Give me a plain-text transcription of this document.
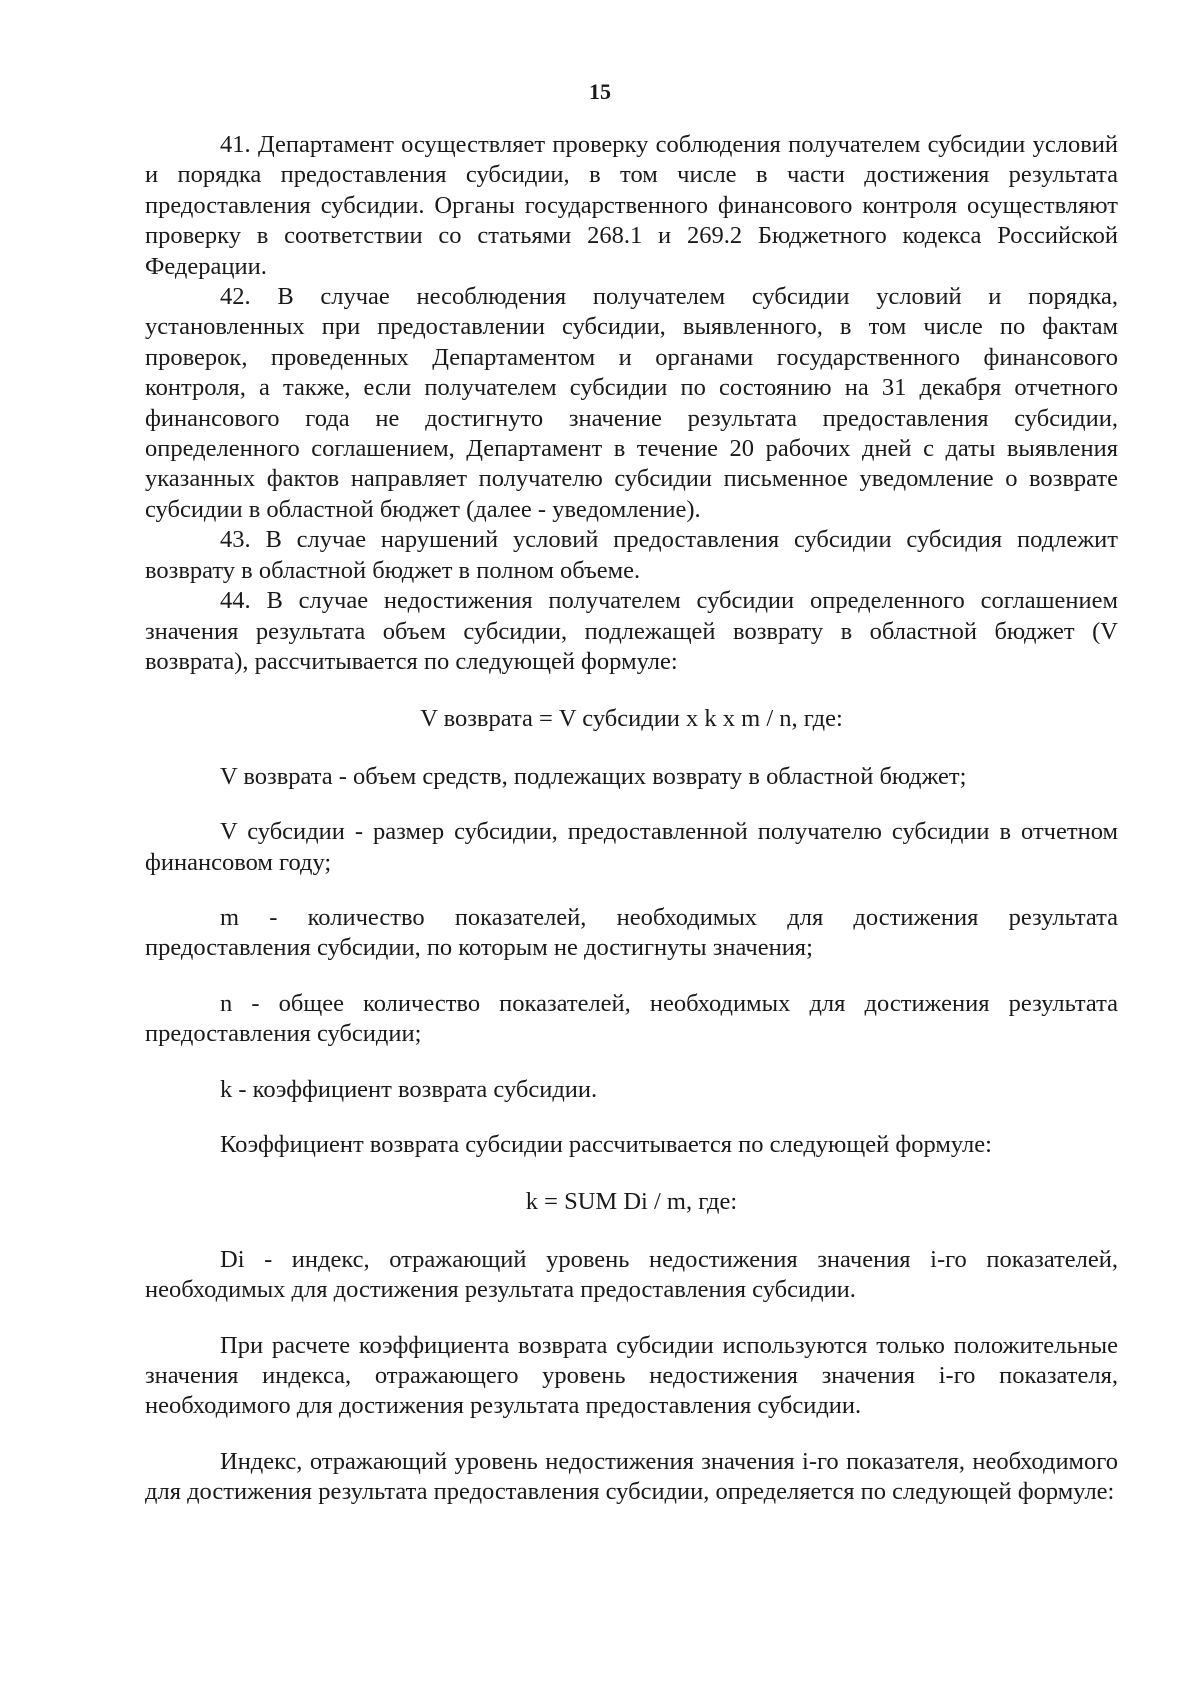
15

41. Департамент осуществляет проверку соблюдения получателем субсидии условий и порядка предоставления субсидии, в том числе в части достижения результата предоставления субсидии. Органы государственного финансового контроля осуществляют проверку в соответствии со статьями 268.1 и 269.2 Бюджетного кодекса Российской Федерации.

42. В случае несоблюдения получателем субсидии условий и порядка, установленных при предоставлении субсидии, выявленного, в том числе по фактам проверок, проведенных Департаментом и органами государственного финансового контроля, а также, если получателем субсидии по состоянию на 31 декабря отчетного финансового года не достигнуто значение результата предоставления субсидии, определенного соглашением, Департамент в течение 20 рабочих дней с даты выявления указанных фактов направляет получателю субсидии письменное уведомление о возврате субсидии в областной бюджет (далее - уведомление).

43. В случае нарушений условий предоставления субсидии субсидия подлежит возврату в областной бюджет в полном объеме.

44. В случае недостижения получателем субсидии определенного соглашением значения результата объем субсидии, подлежащей возврату в областной бюджет (V возврата), рассчитывается по следующей формуле:

V возврата = V субсидии x k x m / n, где:

V возврата - объем средств, подлежащих возврату в областной бюджет;

V субсидии - размер субсидии, предоставленной получателю субсидии в отчетном финансовом году;

m - количество показателей, необходимых для достижения результата предоставления субсидии, по которым не достигнуты значения;

n - общее количество показателей, необходимых для достижения результата предоставления субсидии;

k - коэффициент возврата субсидии.

Коэффициент возврата субсидии рассчитывается по следующей формуле:

k = SUM Di / m, где:

Di - индекс, отражающий уровень недостижения значения i-го показателей, необходимых для достижения результата предоставления субсидии.

При расчете коэффициента возврата субсидии используются только положительные значения индекса, отражающего уровень недостижения значения i-го показателя, необходимого для достижения результата предоставления субсидии.

Индекс, отражающий уровень недостижения значения i-го показателя, необходимого для достижения результата предоставления субсидии, определяется по следующей формуле:
